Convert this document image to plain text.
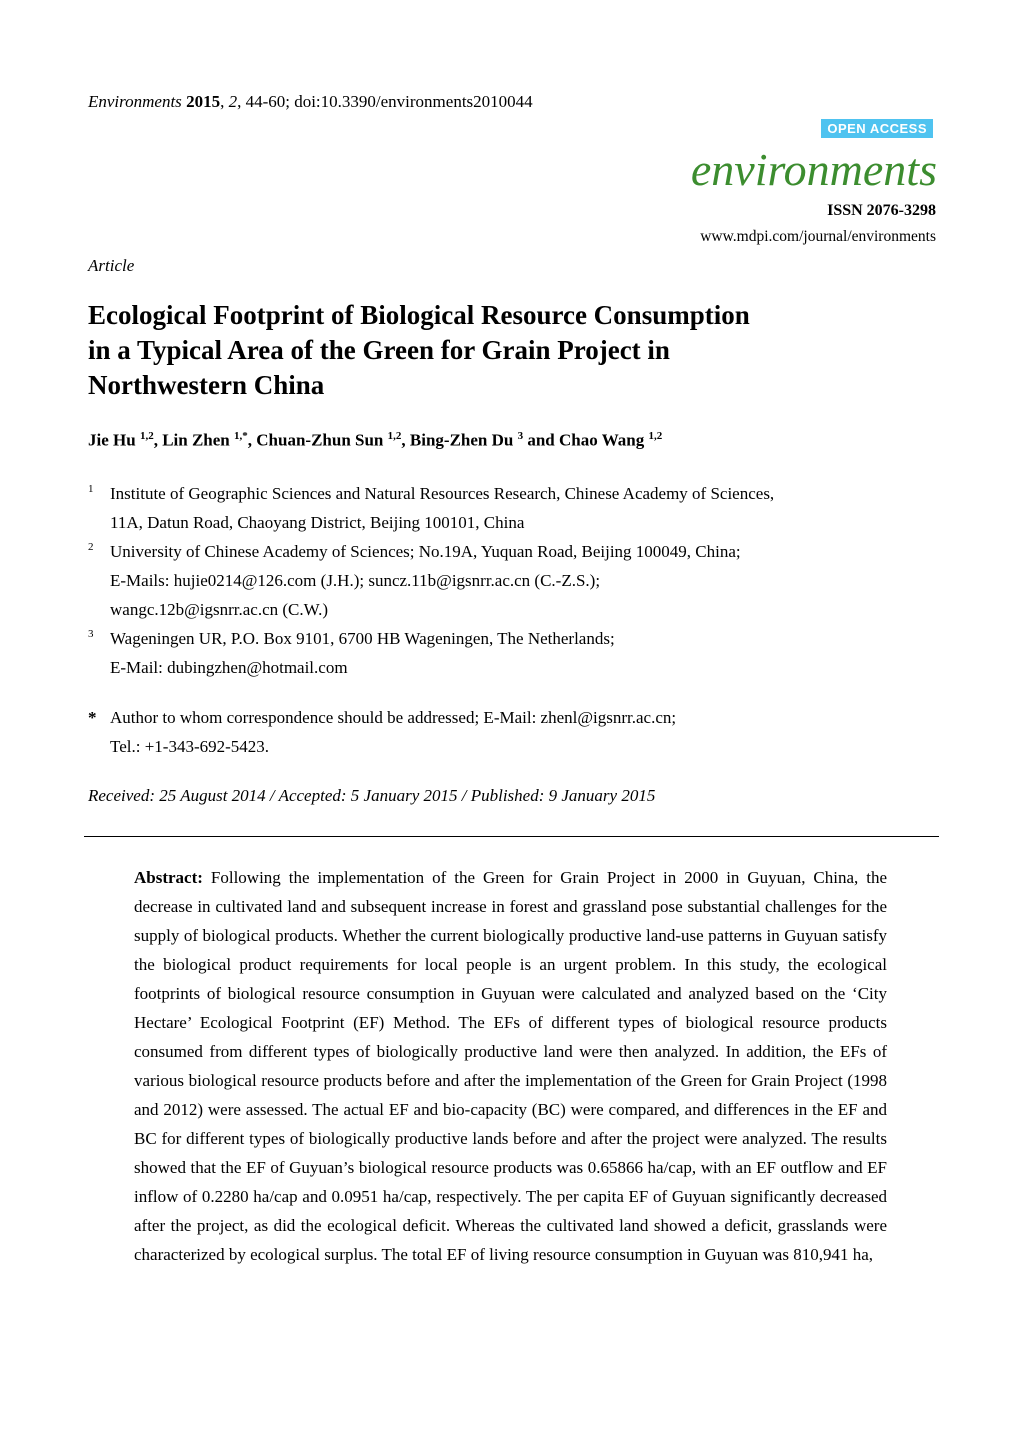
Environments 2015, 2, 44-60; doi:10.3390/environments2010044
OPEN ACCESS
environments
ISSN 2076-3298
www.mdpi.com/journal/environments
Article
Ecological Footprint of Biological Resource Consumption
in a Typical Area of the Green for Grain Project in
Northwestern China
Jie Hu $^{1,2}$, Lin Zhen $^{1,*}$, Chuan-Zhun Sun $^{1,2}$, Bing-Zhen Du $^3$ and Chao Wang $^{1,2}$
1 Institute of Geographic Sciences and Natural Resources Research, Chinese Academy of Sciences,
11A, Datun Road, Chaoyang District, Beijing 100101, China
2 University of Chinese Academy of Sciences; No.19A, Yuquan Road, Beijing 100049, China;
E-Mails: hujie0214@126.com (J.H.); suncz.11b@igsnrr.ac.cn (C.-Z.S.);
wangc.12b@igsnrr.ac.cn (C.W.)
3 Wageningen UR, P.O. Box 9101, 6700 HB Wageningen, The Netherlands;
E-Mail: dubingzhen@hotmail.com
* Author to whom correspondence should be addressed; E-Mail: zhenl@igsnrr.ac.cn;
Tel.: +1-343-692-5423.
Received: 25 August 2014 / Accepted: 5 January 2015 / Published: 9 January 2015

Abstract: Following the implementation of the Green for Grain Project in 2000 in Guyuan, China, the decrease in cultivated land and subsequent increase in forest and grassland pose substantial challenges for the supply of biological products. Whether the current biologically productive land-use patterns in Guyuan satisfy the biological product requirements for local people is an urgent problem. In this study, the ecological footprints of biological resource consumption in Guyuan were calculated and analyzed based on the ‘City Hectare’ Ecological Footprint (EF) Method. The EFs of different types of biological resource products consumed from different types of biologically productive land were then analyzed. In addition, the EFs of various biological resource products before and after the implementation of the Green for Grain Project (1998 and 2012) were assessed. The actual EF and bio-capacity (BC) were compared, and differences in the EF and BC for different types of biologically productive lands before and after the project were analyzed. The results showed that the EF of Guyuan’s biological resource products was 0.65866 ha/cap, with an EF outflow and EF inflow of 0.2280 ha/cap and 0.0951 ha/cap, respectively. The per capita EF of Guyuan significantly decreased after the project, as did the ecological deficit. Whereas the cultivated land showed a deficit, grasslands were characterized by ecological surplus. The total EF of living resource consumption in Guyuan was 810,941 ha,
